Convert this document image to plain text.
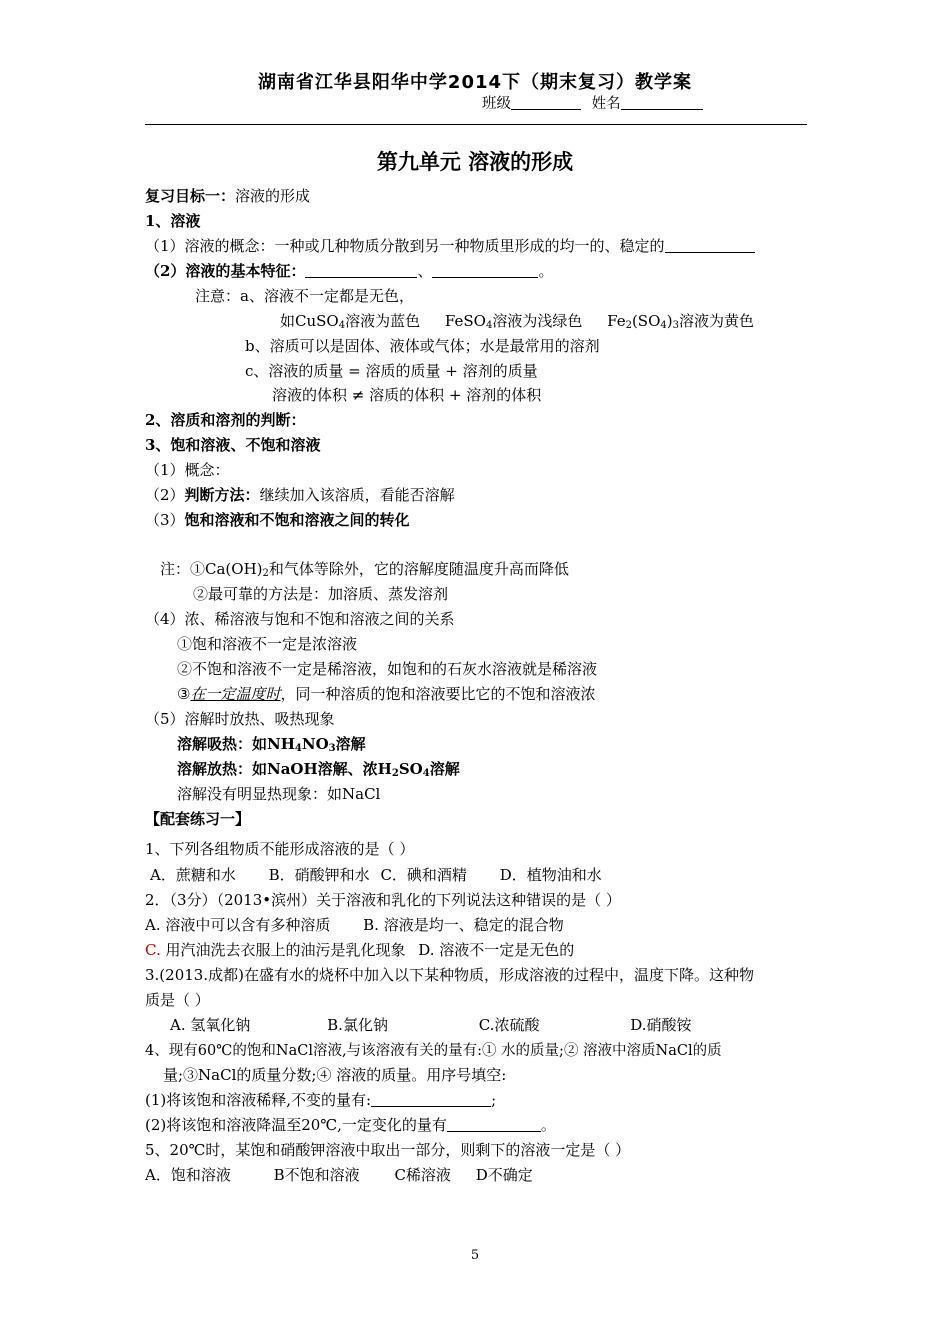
湖南省江华县阳华中学2014下（期末复习）教学案
班级	姓名
第九单元 溶液的形成
复习目标一：溶液的形成
1、溶液
（1）溶液的概念：一种或几种物质分散到另一种物质里形成的均一的、稳定的
（2）溶液的基本特征：	、	。
注意：a、溶液不一定都是无色，
如CuSO$_4$溶液为蓝色 FeSO$_4$溶液为浅绿色 $Fe_2(SO_4)_3$溶液为黄色
b、溶质可以是固体、液体或气体；水是最常用的溶剂
c、溶液的质量 = 溶质的质量 + 溶剂的质量
溶液的体积 ≠ 溶质的体积 + 溶剂的体积
2、溶质和溶剂的判断：
3、饱和溶液、不饱和溶液
（1）概念：
（2）判断方法：继续加入该溶质，看能否溶解
（3）饱和溶液和不饱和溶液之间的转化
注：$①Ca(OH)_2$和气体等除外，它的溶解度随温度升高而降低
②最可靠的方法是：加溶质、蒸发溶剂
（4）浓、稀溶液与饱和不饱和溶液之间的关系
①饱和溶液不一定是浓溶液
②不饱和溶液不一定是稀溶液，如饱和的石灰水溶液就是稀溶液
③在一定温度时，同一种溶质的饱和溶液要比它的不饱和溶液浓
（5）溶解时放热、吸热现象
溶解吸热：如$NH_4NO_3$溶解
溶解放热：如NaOH溶解、浓$H_2SO_4$溶解
溶解没有明显热现象：如NaCl
【配套练习一】
1、下列各组物质不能形成溶液的是（ ）
A．蔗糖和水 B．硝酸钾和水 C．碘和酒精 D．植物油和水
2．（3分）（2013•滨州）关于溶液和乳化的下列说法这种错误的是（ ）
A. 溶液中可以含有多种溶质 B. 溶液是均一、稳定的混合物
C. 用汽油洗去衣服上的油污是乳化现象 D. 溶液不一定是无色的
3.(2013.成都)在盛有水的烧杯中加入以下某种物质，形成溶液的过程中，温度下降。这种物
质是（ ）
A. 氢氧化钠	B.氯化钠	C.浓硫酸	D.硝酸铵
4、现有60℃的饱和NaCl溶液,与该溶液有关的量有:① 水的质量;② 溶液中溶质NaCl的质
量;③NaCl的质量分数;④ 溶液的质量。用序号填空:
(1)将该饱和溶液稀释,不变的量有:	;
(2)将该饱和溶液降温至20℃,一定变化的量有	。
5、20℃时，某饱和硝酸钾溶液中取出一部分，则剩下的溶液一定是（ ）
A．饱和溶液	B不饱和溶液 C稀溶液 D不确定
5
